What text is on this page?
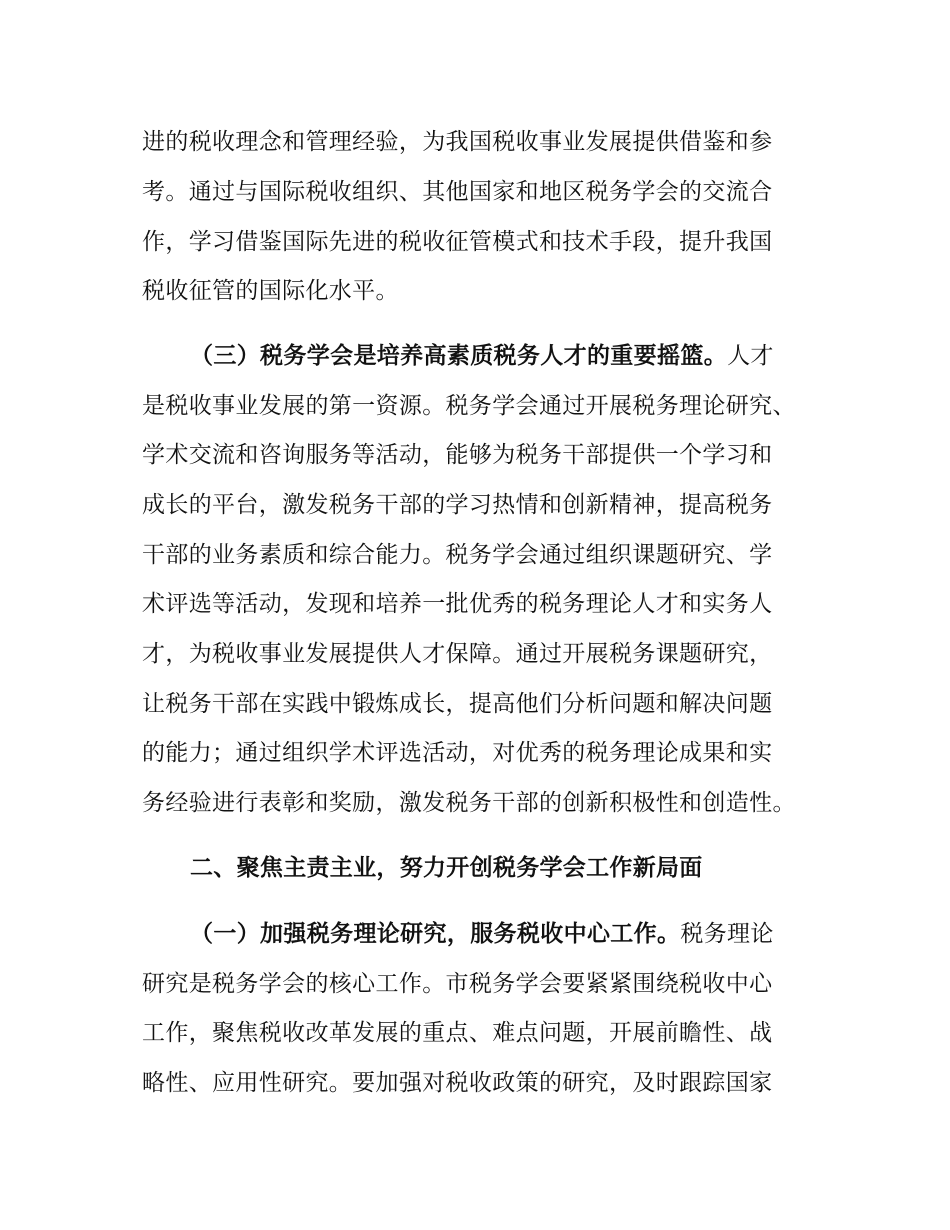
进的税收理念和管理经验，为我国税收事业发展提供借鉴和参
考。通过与国际税收组织、其他国家和地区税务学会的交流合
作，学习借鉴国际先进的税收征管模式和技术手段，提升我国
税收征管的国际化水平。
（三）税务学会是培养高素质税务人才的重要摇篮。人才
是税收事业发展的第一资源。税务学会通过开展税务理论研究、
学术交流和咨询服务等活动，能够为税务干部提供一个学习和
成长的平台，激发税务干部的学习热情和创新精神，提高税务
干部的业务素质和综合能力。税务学会通过组织课题研究、学
术评选等活动，发现和培养一批优秀的税务理论人才和实务人
才，为税收事业发展提供人才保障。通过开展税务课题研究，
让税务干部在实践中锻炼成长，提高他们分析问题和解决问题
的能力；通过组织学术评选活动，对优秀的税务理论成果和实
务经验进行表彰和奖励，激发税务干部的创新积极性和创造性。
二、聚焦主责主业，努力开创税务学会工作新局面
（一）加强税务理论研究，服务税收中心工作。税务理论
研究是税务学会的核心工作。市税务学会要紧紧围绕税收中心
工作，聚焦税收改革发展的重点、难点问题，开展前瞻性、战
略性、应用性研究。要加强对税收政策的研究，及时跟踪国家
